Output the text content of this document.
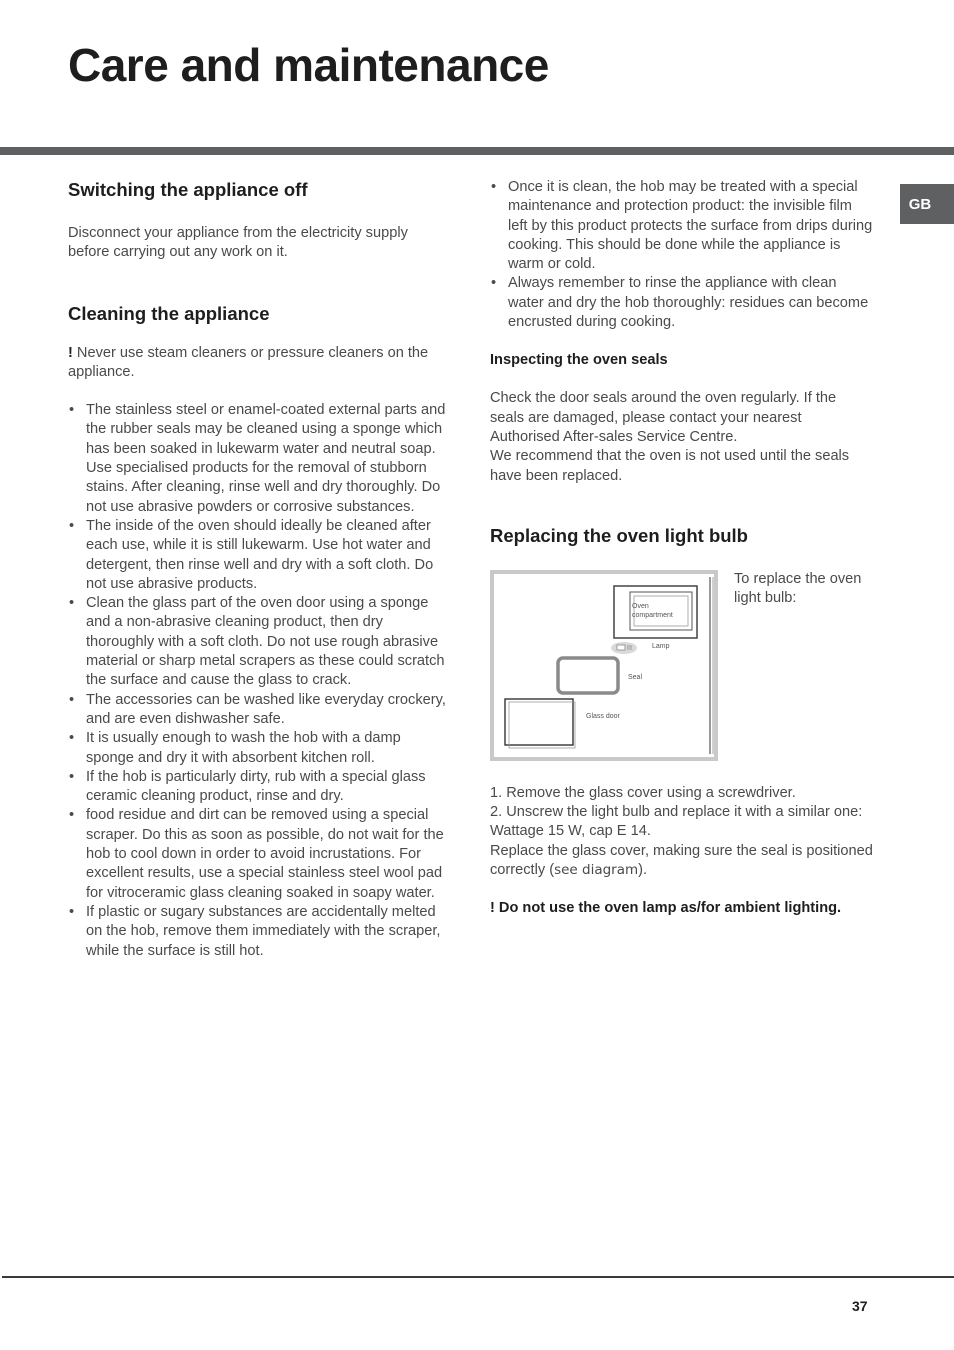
Care and maintenance
GB
Switching the appliance off

Disconnect your appliance from the electricity supply before carrying out any work on it.

Cleaning the appliance

! Never use steam cleaners or pressure cleaners on the appliance.

• The stainless steel or enamel-coated external parts and the rubber seals may be cleaned using a sponge which has been soaked in lukewarm water and neutral soap. Use specialised products for the removal of stubborn stains. After cleaning, rinse well and dry thoroughly. Do not use abrasive powders or corrosive substances.
• The inside of the oven should ideally be cleaned after each use, while it is still lukewarm. Use hot water and detergent, then rinse well and dry with a soft cloth. Do not use abrasive products.
• Clean the glass part of the oven door using a sponge and a non-abrasive cleaning product, then dry thoroughly with a soft cloth. Do not use rough abrasive material or sharp metal scrapers as these could scratch the surface and cause the glass to crack.
• The accessories can be washed like everyday crockery, and are even dishwasher safe.
• It is usually enough to wash the hob with a damp sponge and dry it with absorbent kitchen roll.
• If the hob is particularly dirty, rub with a special glass ceramic cleaning product, rinse and dry.
• food residue and dirt can be removed using a special scraper. Do this as soon as possible, do not wait for the hob to cool down in order to avoid incrustations. For excellent results, use a special stainless steel wool pad for vitroceramic glass cleaning soaked in soapy water.
• If plastic or sugary substances are accidentally melted on the hob, remove them immediately with the scraper, while the surface is still hot.
• Once it is clean, the hob may be treated with a special maintenance and protection product: the invisible film left by this product protects the surface from drips during cooking. This should be done while the appliance is warm or cold.
• Always remember to rinse the appliance with clean water and dry the hob thoroughly: residues can become encrusted during cooking.
Inspecting the oven seals

Check the door seals around the oven regularly. If the seals are damaged, please contact your nearest Authorised After-sales Service Centre.

We recommend that the oven is not used until the seals have been replaced.

Replacing the oven light bulb
Oven
compartment
Lamp
Seal
Glass door

To replace the oven light bulb:

1. Remove the glass cover using a screwdriver.

2. Unscrew the light bulb and replace it with a similar one: Wattage 15 W, cap E 14.

Replace the glass cover, making sure the seal is positioned correctly (see diagram).

! Do not use the oven lamp as/for ambient lighting.

37
